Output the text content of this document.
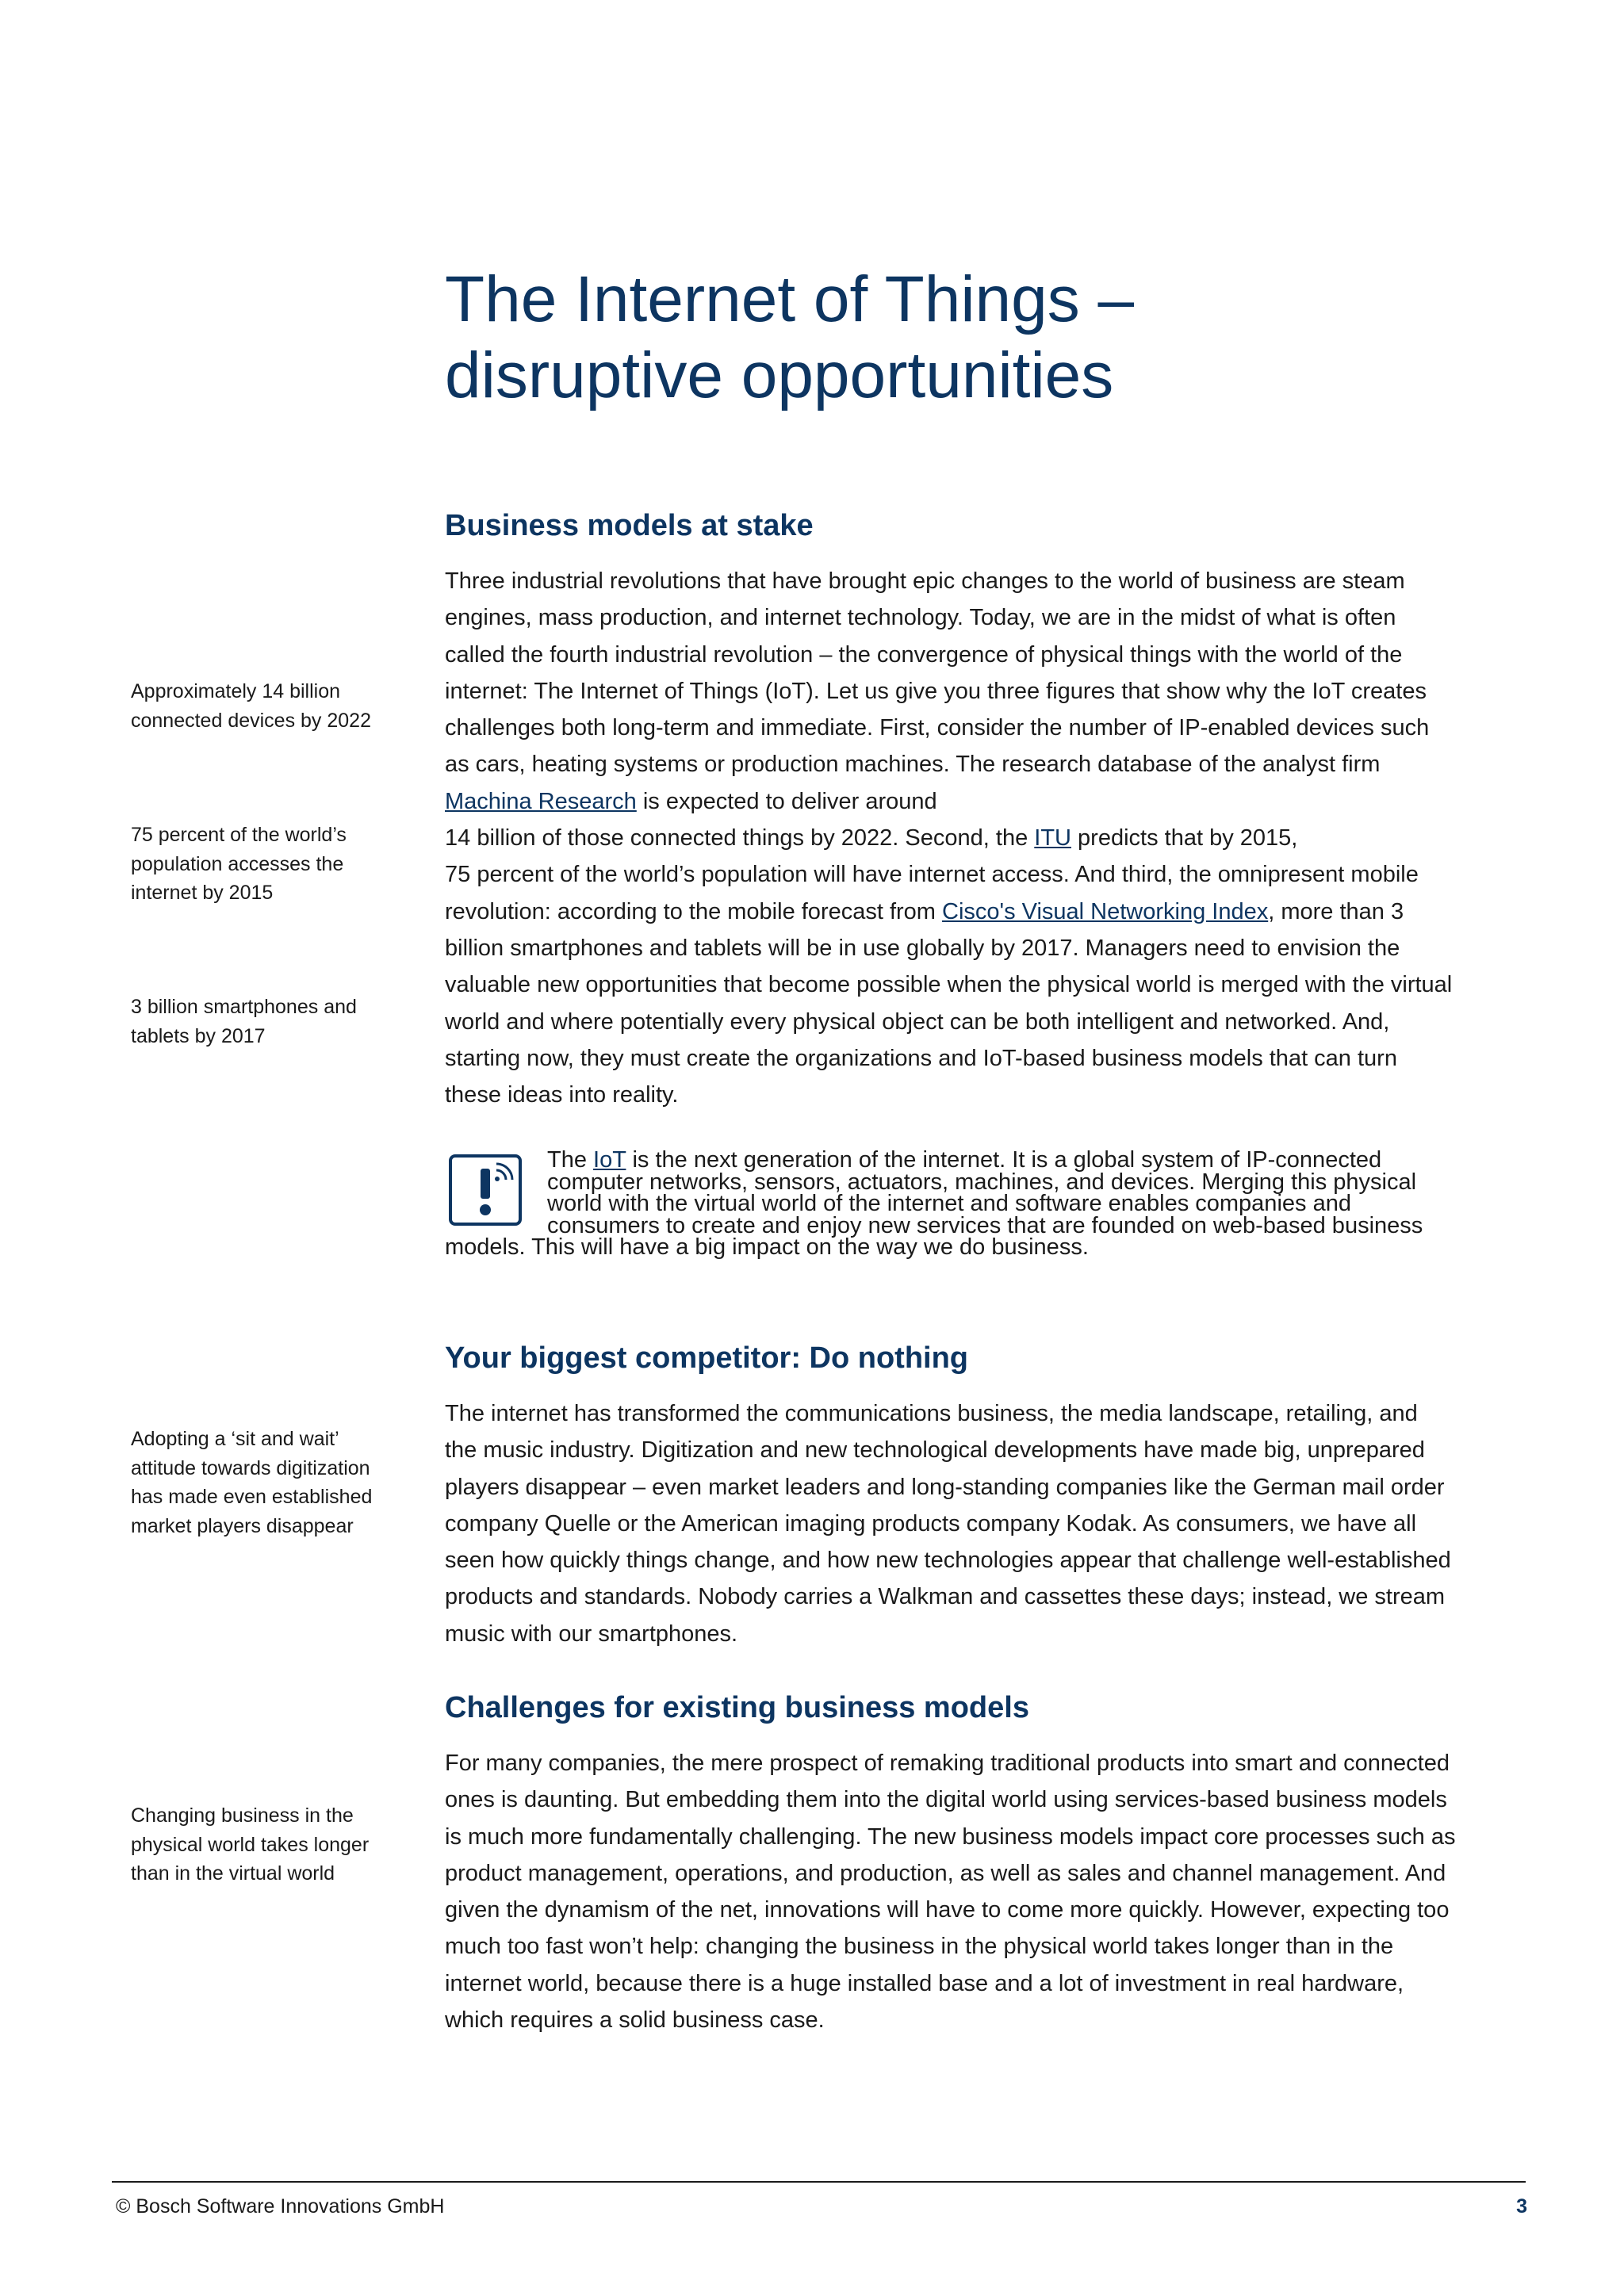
The Internet of Things –
disruptive opportunities
Business models at stake

Three industrial revolutions that have brought epic changes to the world of business are steam engines, mass production, and internet technology. Today, we are in the midst of what is often called the fourth industrial revolution – the convergence of physical things with the world of the internet: The Internet of Things (IoT). Let us give you three figures that show why the IoT creates challenges both long-term and immediate. First, consider the number of IP-enabled devices such as cars, heating systems or production machines. The research database of the analyst firm Machina Research is expected to deliver around
14 billion of those connected things by 2022. Second, the ITU predicts that by 2015,
75 percent of the world’s population will have internet access. And third, the omnipresent mobile revolution: according to the mobile forecast from Cisco's Visual Networking Index, more than 3 billion smartphones and tablets will be in use globally by 2017. Managers need to envision the valuable new opportunities that become possible when the physical world is merged with the virtual world and where potentially every physical object can be both intelligent and networked. And, starting now, they must create the organizations and IoT-based business models that can turn these ideas into reality.

The IoT is the next generation of the internet. It is a global system of IP-connected computer networks, sensors, actuators, machines, and devices. Merging this physical world with the virtual world of the internet and software enables companies and consumers to create and enjoy new services that are founded on web-based business models. This will have a big impact on the way we do business.

Your biggest competitor: Do nothing

The internet has transformed the communications business, the media landscape, retailing, and the music industry. Digitization and new technological developments have made big, unprepared players disappear – even market leaders and long-standing companies like the German mail order company Quelle or the American imaging products company Kodak. As consumers, we have all seen how quickly things change, and how new technologies appear that challenge well-established products and standards. Nobody carries a Walkman and cassettes these days; instead, we stream music with our smartphones.

Challenges for existing business models

For many companies, the mere prospect of remaking traditional products into smart and connected ones is daunting. But embedding them into the digital world using services-based business models is much more fundamentally challenging. The new business models impact core processes such as product management, operations, and production, as well as sales and channel management. And given the dynamism of the net, innovations will have to come more quickly. However, expecting too much too fast won’t help: changing the business in the physical world takes longer than in the internet world, because there is a huge installed base and a lot of investment in real hardware, which requires a solid business case.

Approximately 14 billion connected devices by 2022

75 percent of the world’s population accesses the internet by 2015

3 billion smartphones and tablets by 2017

Adopting a ‘sit and wait’ attitude towards digitization has made even established market players disappear

Changing business in the physical world takes longer than in the virtual world

© Bosch Software Innovations GmbH	3
